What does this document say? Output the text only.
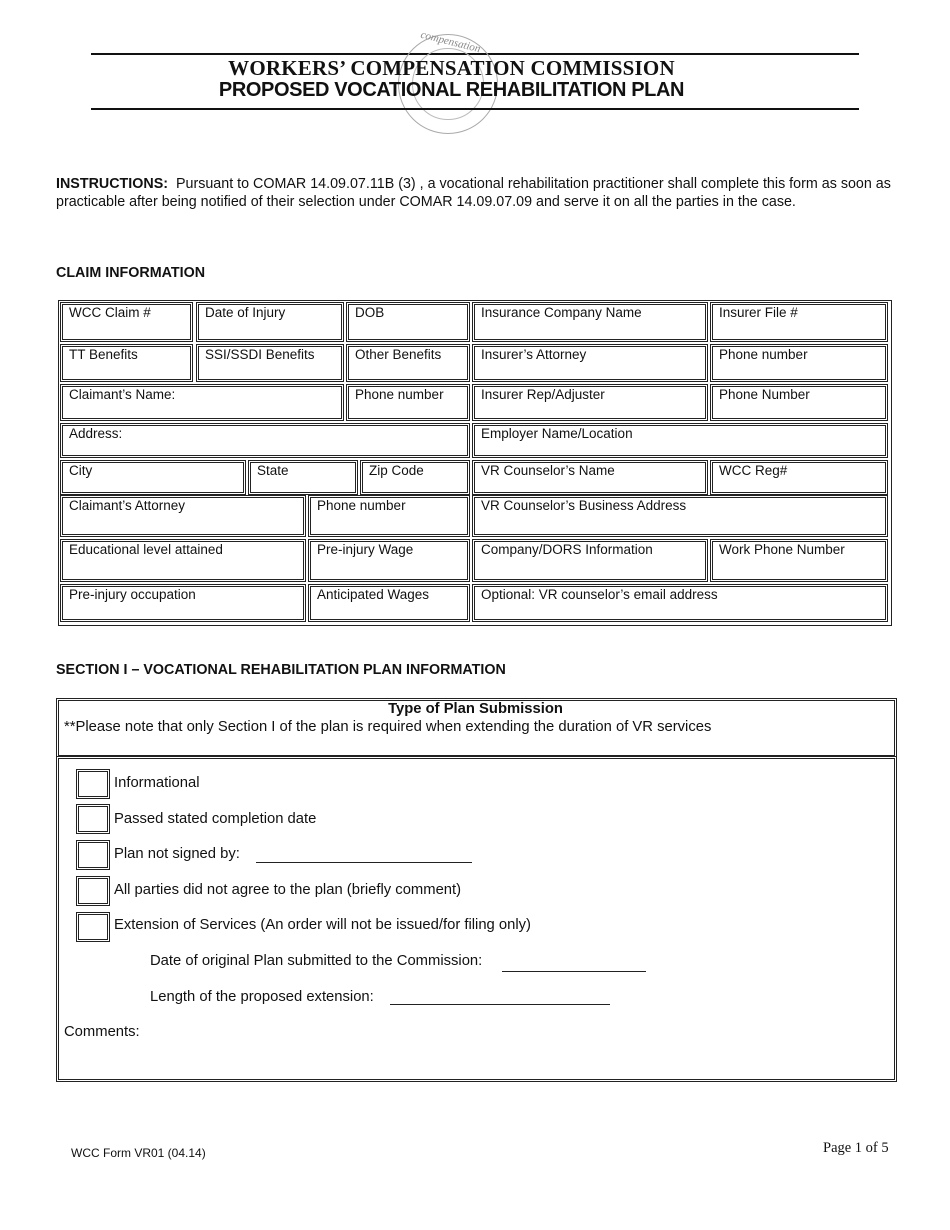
compensation
WORKERS’ COMPENSATION COMMISSION
PROPOSED VOCATIONAL REHABILITATION PLAN
INSTRUCTIONS: Pursuant to COMAR 14.09.07.11B (3) , a vocational rehabilitation practitioner shall complete this form as soon as practicable after being notified of their selection under COMAR 14.09.07.09 and serve it on all the parties in the case.
CLAIM INFORMATION
WCC Claim #	Date of Injury	DOB	Insurance Company Name	Insurer File #
TT Benefits	SSI/SSDI Benefits	Other Benefits	Insurer’s Attorney	Phone number
Claimant’s Name:	Phone number	Insurer Rep/Adjuster	Phone Number
Address:	Employer Name/Location
City	State	Zip Code	VR Counselor’s Name	WCC Reg#
Claimant’s Attorney	Phone number	VR Counselor’s Business Address
Educational level attained	Pre-injury Wage	Company/DORS Information	Work Phone Number
Pre-injury occupation	Anticipated Wages	Optional: VR counselor’s email address
SECTION I – VOCATIONAL REHABILITATION PLAN INFORMATION
Type of Plan Submission
**Please note that only Section I of the plan is required when extending the duration of VR services
Informational
Passed stated completion date
Plan not signed by:
All parties did not agree to the plan (briefly comment)
Extension of Services (An order will not be issued/for filing only)
Date of original Plan submitted to the Commission:
Length of the proposed extension:
Comments:
WCC Form VR01 (04.14)	Page 1 of 5
